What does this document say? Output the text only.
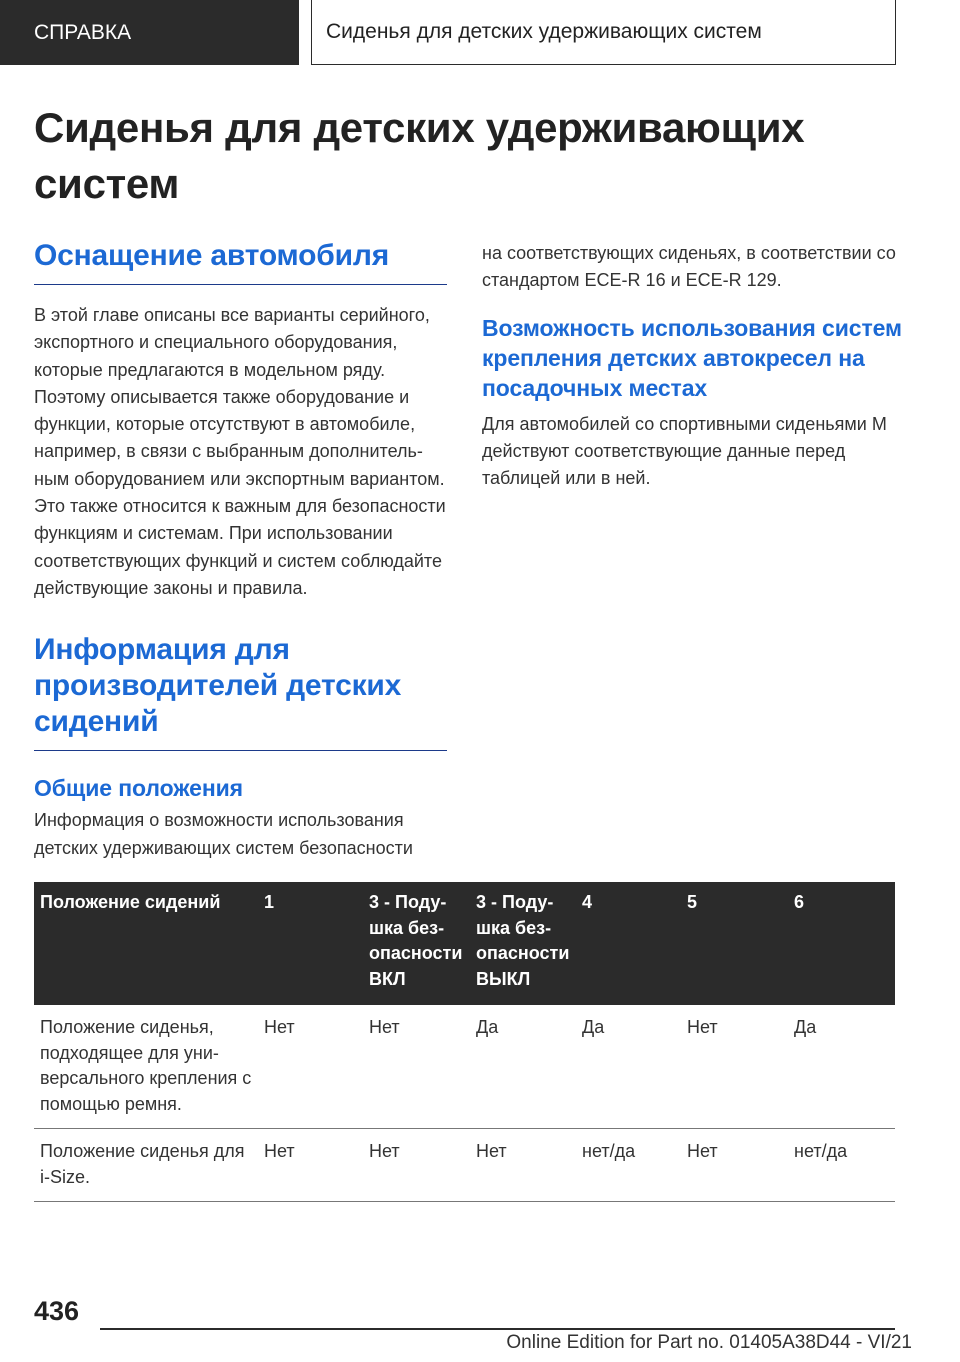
СПРАВКА	Сиденья для детских удерживающих систем
Сиденья для детских удерживающих систем
Оснащение автомобиля

В этой главе описаны все варианты серийного, экспортного и специального оборудования, которые предлагаются в модельном ряду. Поэтому описывается также оборудование и функции, которые отсутствуют в автомобиле, например, в связи с выбранным дополнительным оборудованием или экспортным вариантом. Это также относится к важным для безопасности функциям и системам. При использовании соответствующих функций и систем соблюдайте действующие законы и правила.

Информация для производителей детских сидений
Общие положения

Информация о возможности использования детских удерживающих систем безопасности

на соответствующих сиденьях, в соответствии со стандартом ECE-R 16 и ECE-R 129.

Возможность использования систем крепления детских автокресел на посадочных местах

Для автомобилей со спортивными сиденьями M действуют соответствующие данные перед таблицей или в ней.

Положение сидений	1	3 - Подушка безопасности ВКЛ	3 - Подушка безопасности ВЫКЛ	4	5	6
Положение сиденья, подходящее для универсального крепления с помощью ремня.	Нет	Нет	Да	Да	Нет	Да
Положение сиденья для i-Size.	Нет	Нет	Нет	нет/да	Нет	нет/да
436
Online Edition for Part no. 01405A38D44 - VI/21
